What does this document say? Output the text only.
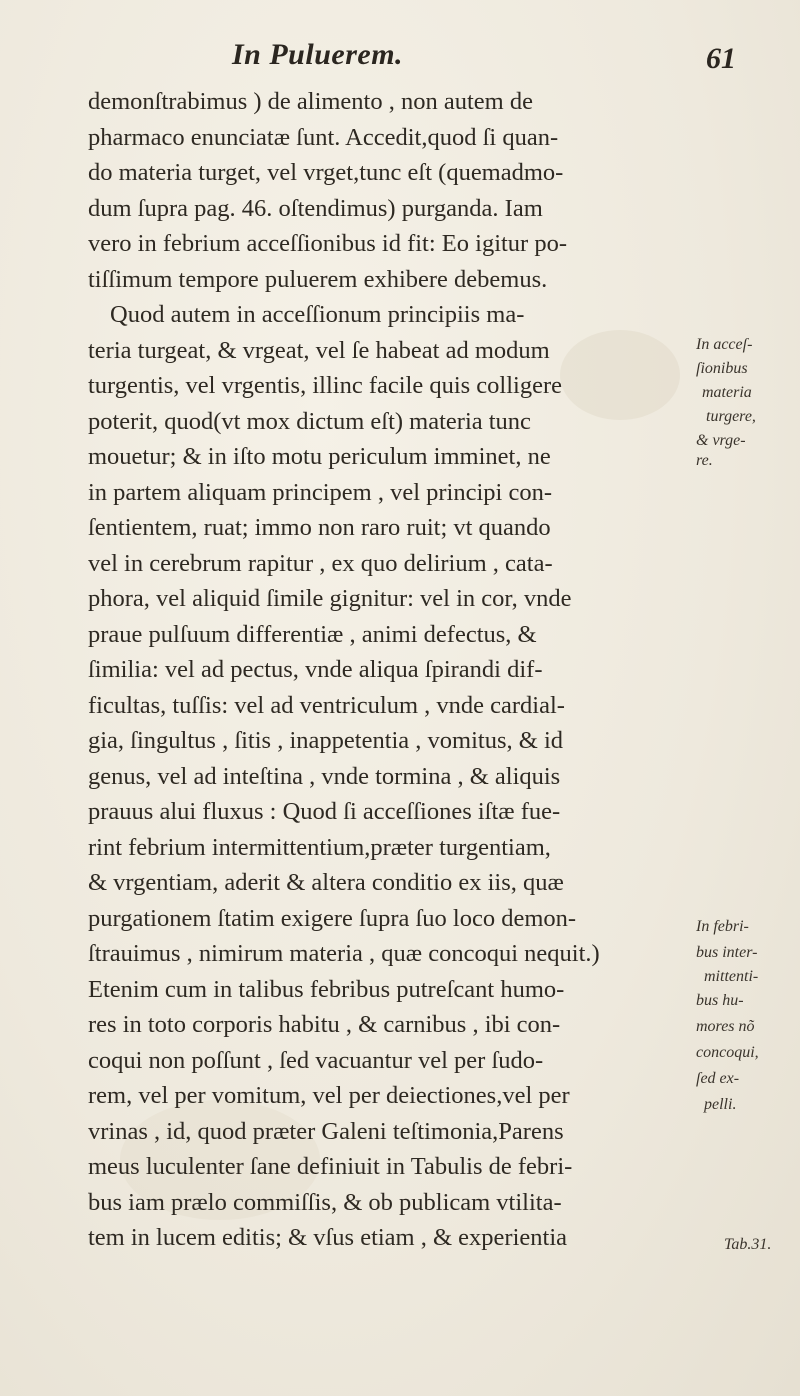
In Puluerem.	61
demonſtrabimus ) de alimento , non autem de
pharmaco enunciatæ ſunt. Accedit,quod ſi quan-
do materia turget, vel vrget,tunc eſt (quemadmo-
dum ſupra pag. 46. oſtendimus) purganda. Iam
vero in febrium acceſſionibus id fit: Eo igitur po-
tiſſimum tempore puluerem exhibere debemus.
Quod autem in acceſſionum principiis ma-
teria turgeat, & vrgeat, vel ſe habeat ad modum
turgentis, vel vrgentis, illinc facile quis colligere
poterit, quod(vt mox dictum eſt) materia tunc
mouetur; & in iſto motu periculum imminet, ne
in partem aliquam principem , vel principi con-
ſentientem, ruat; immo non raro ruit; vt quando
vel in cerebrum rapitur , ex quo delirium , cata-
phora, vel aliquid ſimile gignitur: vel in cor, vnde
praue pulſuum differentiæ , animi defectus, &
ſimilia: vel ad pectus, vnde aliqua ſpirandi dif-
ficultas, tuſſis: vel ad ventriculum , vnde cardial-
gia, ſingultus , ſitis , inappetentia , vomitus, & id
genus, vel ad inteſtina , vnde tormina , & aliquis
prauus alui fluxus : Quod ſi acceſſiones iſtæ fue-
rint febrium intermittentium,præter turgentiam,
& vrgentiam, aderit & altera conditio ex iis, quæ
purgationem ſtatim exigere ſupra ſuo loco demon-
ſtrauimus , nimirum materia , quæ concoqui nequit.)
Etenim cum in talibus febribus putreſcant humo-
res in toto corporis habitu , & carnibus , ibi con-
coqui non poſſunt , ſed vacuantur vel per ſudo-
rem, vel per vomitum, vel per deiectiones,vel per
vrinas , id, quod præter Galeni teſtimonia,Parens
meus luculenter ſane definiuit in Tabulis de febri-
bus iam prælo commiſſis, & ob publicam vtilita-
tem in lucem editis; & vſus etiam , & experientia
In acceſ-
ſionibus
materia
turgere,
& vrge-
re.
In febri-
bus inter-
mittenti-
bus hu-
mores nõ
concoqui,
ſed ex-
pelli.
Tab.31.
